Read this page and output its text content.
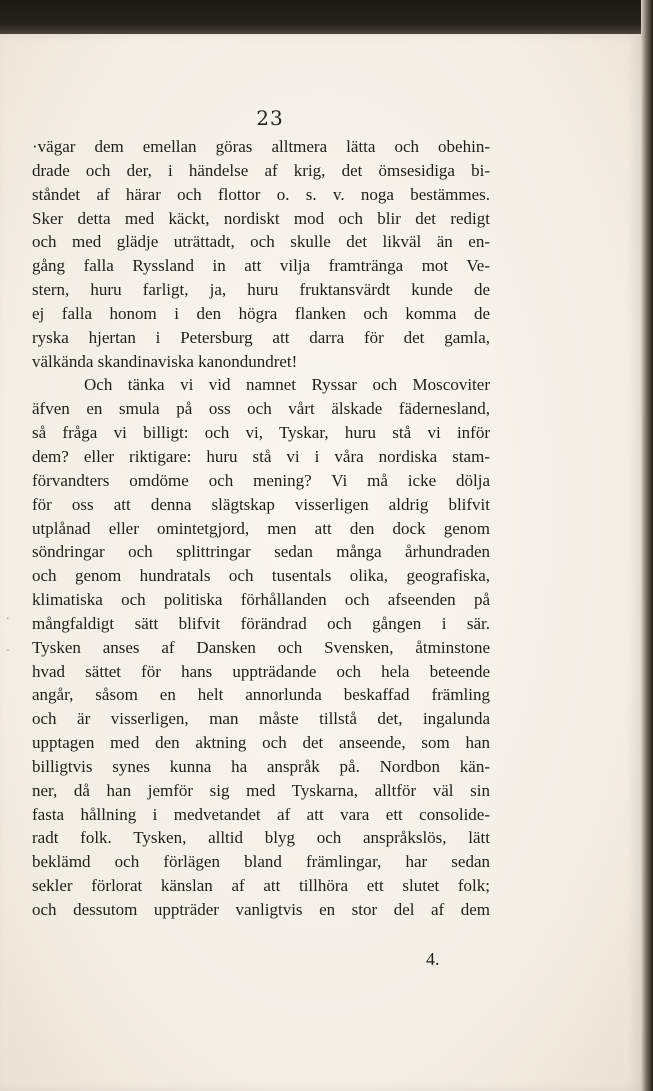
23
·vägar dem emellan göras alltmera lätta och obehin-
drade och der, i händelse af krig, det ömsesidiga bi-
ståndet af härar och flottor o. s. v. noga bestämmes.
Sker detta med käckt, nordiskt mod och blir det redigt
och med glädje uträttadt, och skulle det likväl än en-
gång falla Ryssland in att vilja framtränga mot Ve-
stern, huru farligt, ja, huru fruktansvärdt kunde de
ej falla honom i den högra flanken och komma de
ryska hjertan i Petersburg att darra för det gamla,
välkända skandinaviska kanondundret!
Och tänka vi vid namnet Ryssar och Moscoviter
äfven en smula på oss och vårt älskade fädernesland,
så fråga vi billigt: och vi, Tyskar, huru stå vi inför
dem? eller riktigare: huru stå vi i våra nordiska stam-
förvandters omdöme och mening? Vi må icke dölja
för oss att denna slägtskap visserligen aldrig blifvit
utplånad eller omintetgjord, men att den dock genom
söndringar och splittringar sedan många århundraden
och genom hundratals och tusentals olika, geografiska,
klimatiska och politiska förhållanden och afseenden på
mångfaldigt sätt blifvit förändrad och gången i sär.
Tysken anses af Dansken och Svensken, åtminstone
hvad sättet för hans uppträdande och hela beteende
angår, såsom en helt annorlunda beskaffad främling
och är visserligen, man måste tillstå det, ingalunda
upptagen med den aktning och det anseende, som han
billigtvis synes kunna ha anspråk på. Nordbon kän-
ner, då han jemför sig med Tyskarna, alltför väl sin
fasta hållning i medvetandet af att vara ett consolide-
radt folk. Tysken, alltid blyg och anspråkslös, lätt
beklämd och förlägen bland främlingar, har sedan
sekler förlorat känslan af att tillhöra ett slutet folk;
och dessutom uppträder vanligtvis en stor del af dem
4.
·
-
